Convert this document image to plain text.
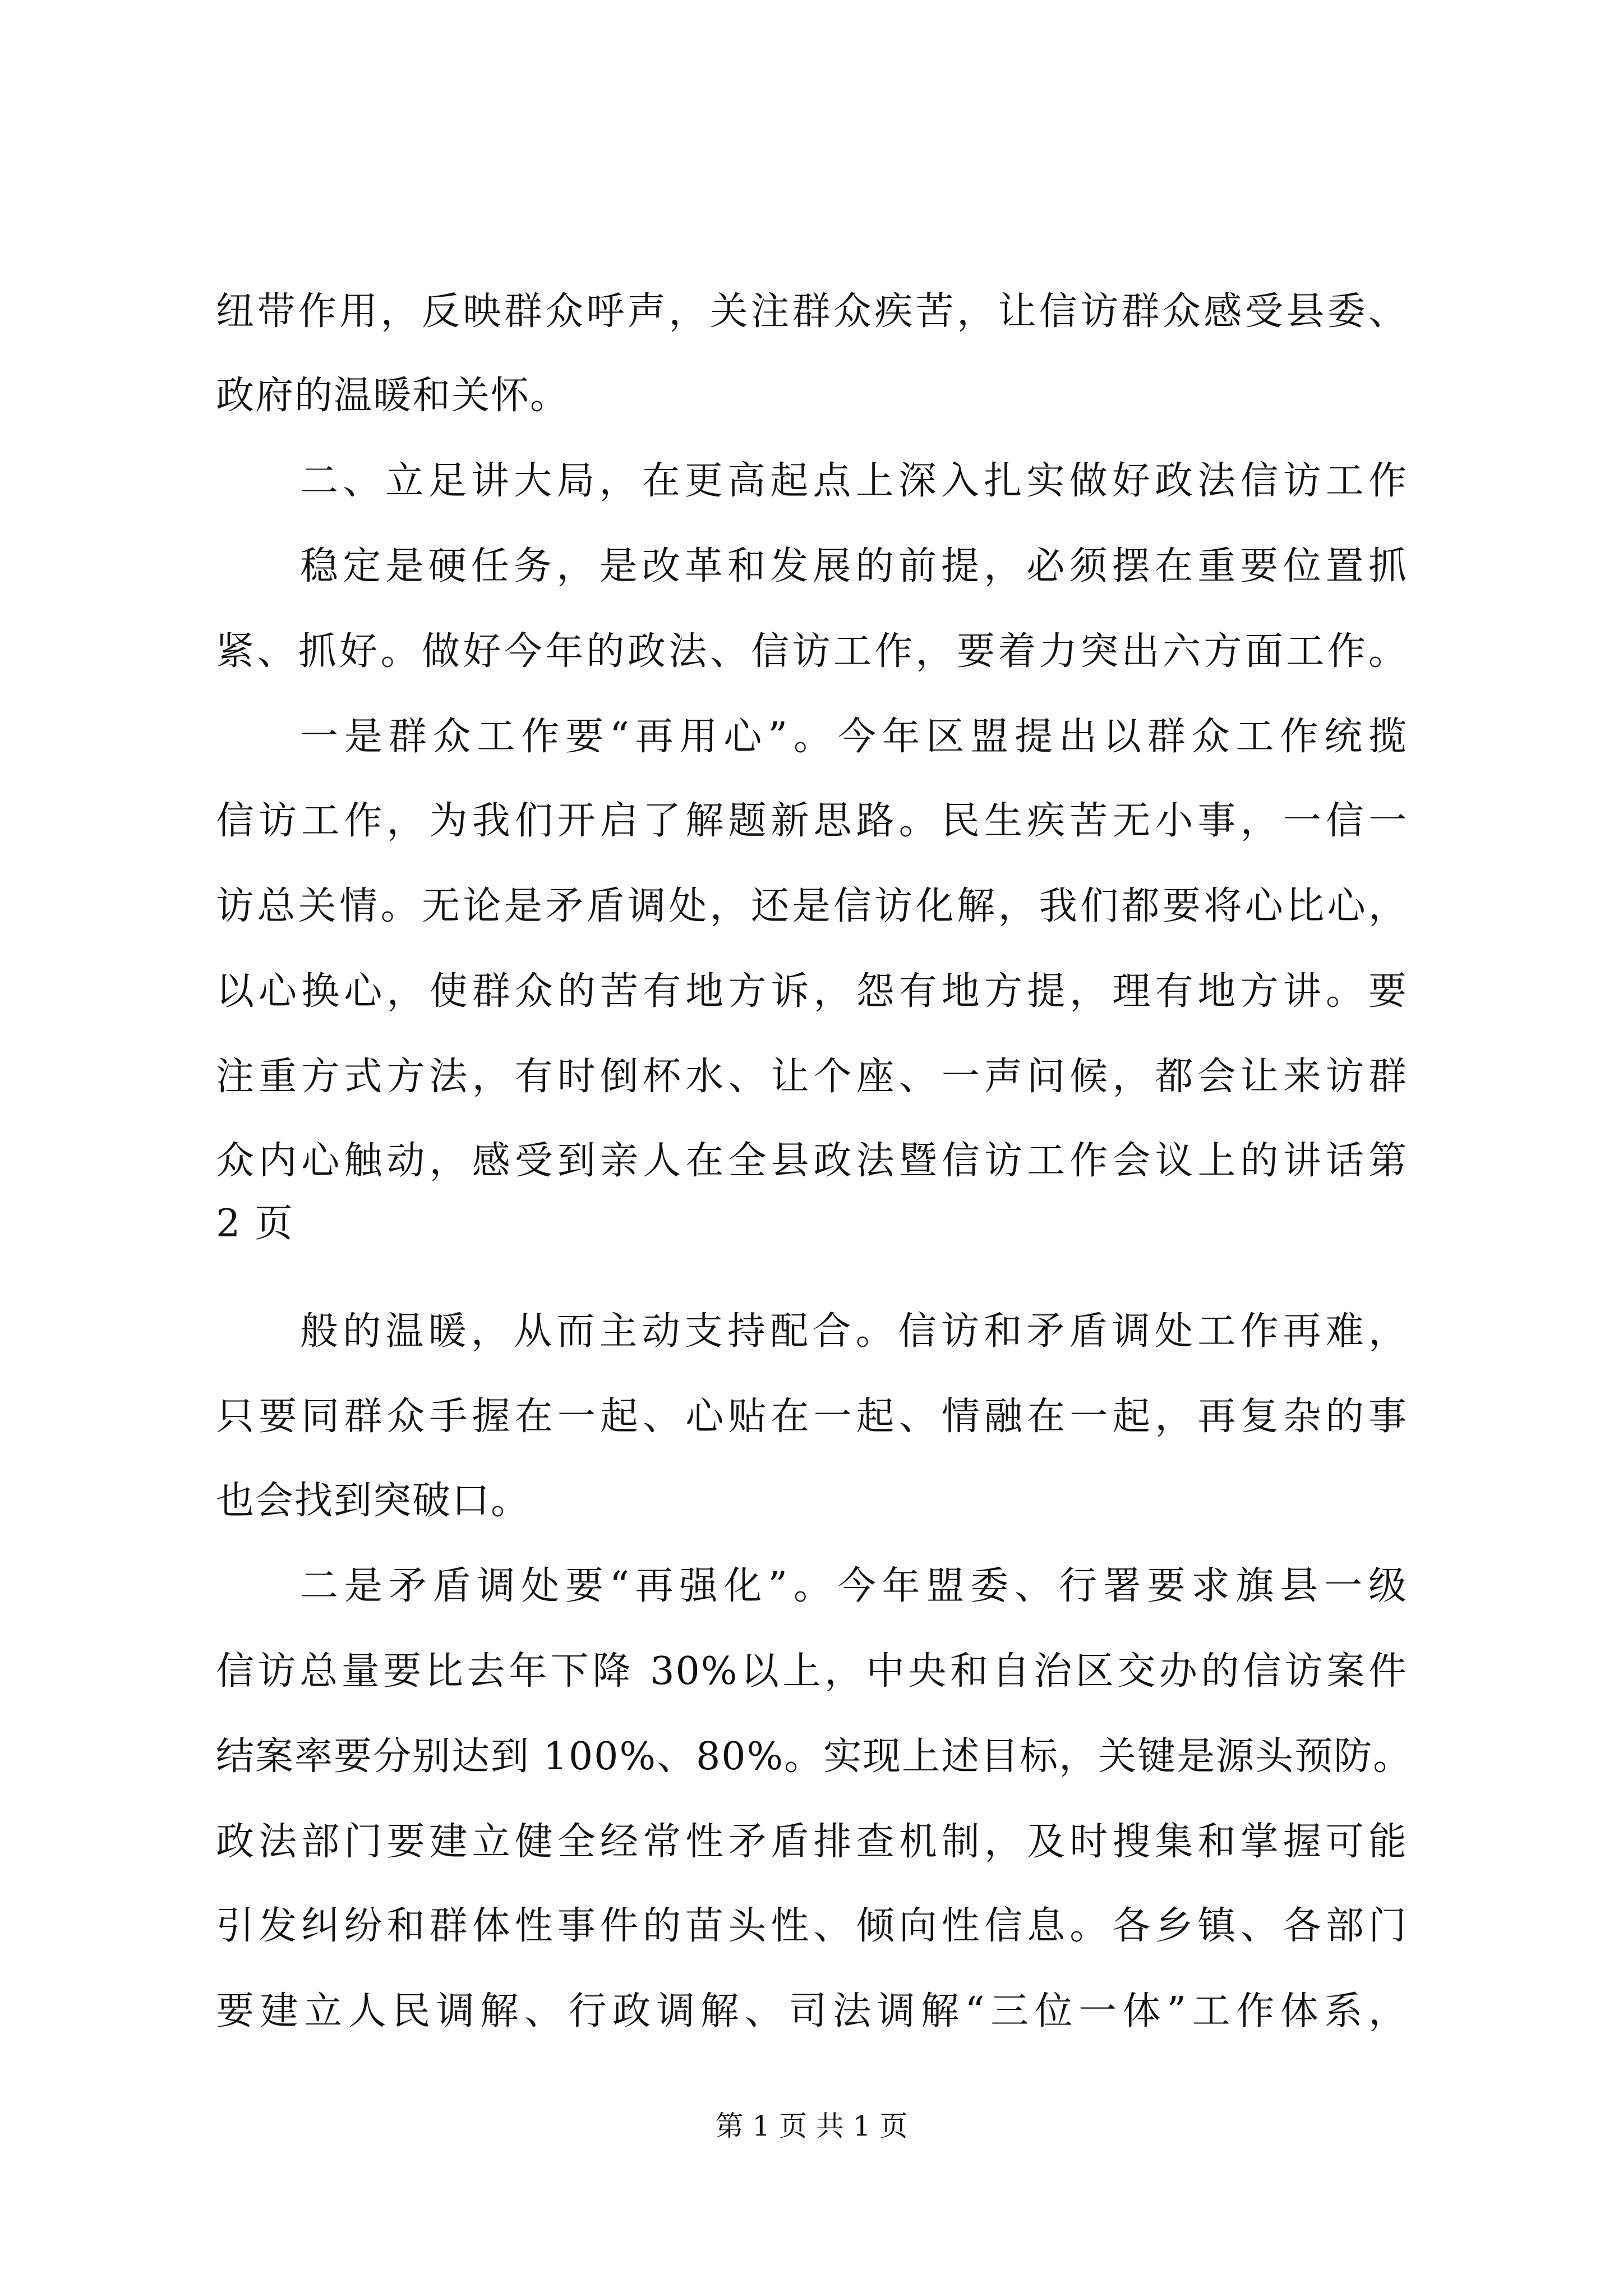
纽带作用，反映群众呼声，关注群众疾苦，让信访群众感受县委、
政府的温暖和关怀。
二、立足讲大局，在更高起点上深入扎实做好政法信访工作
稳定是硬任务，是改革和发展的前提，必须摆在重要位置抓
紧、抓好。做好今年的政法、信访工作，要着力突出六方面工作。
一是群众工作要“再用心”。今年区盟提出以群众工作统揽
信访工作，为我们开启了解题新思路。民生疾苦无小事，一信一
访总关情。无论是矛盾调处，还是信访化解，我们都要将心比心，
以心换心，使群众的苦有地方诉，怨有地方提，理有地方讲。要
注重方式方法，有时倒杯水、让个座、一声问候，都会让来访群
众内心触动，感受到亲人在全县政法暨信访工作会议上的讲话第
2 页
般的温暖，从而主动支持配合。信访和矛盾调处工作再难，
只要同群众手握在一起、心贴在一起、情融在一起，再复杂的事
也会找到突破口。
二是矛盾调处要“再强化”。今年盟委、行署要求旗县一级
信访总量要比去年下降 30%以上，中央和自治区交办的信访案件
结案率要分别达到 100%、80%。实现上述目标，关键是源头预防。
政法部门要建立健全经常性矛盾排查机制，及时搜集和掌握可能
引发纠纷和群体性事件的苗头性、倾向性信息。各乡镇、各部门
要建立人民调解、行政调解、司法调解“三位一体”工作体系，
第 1 页 共 1 页
